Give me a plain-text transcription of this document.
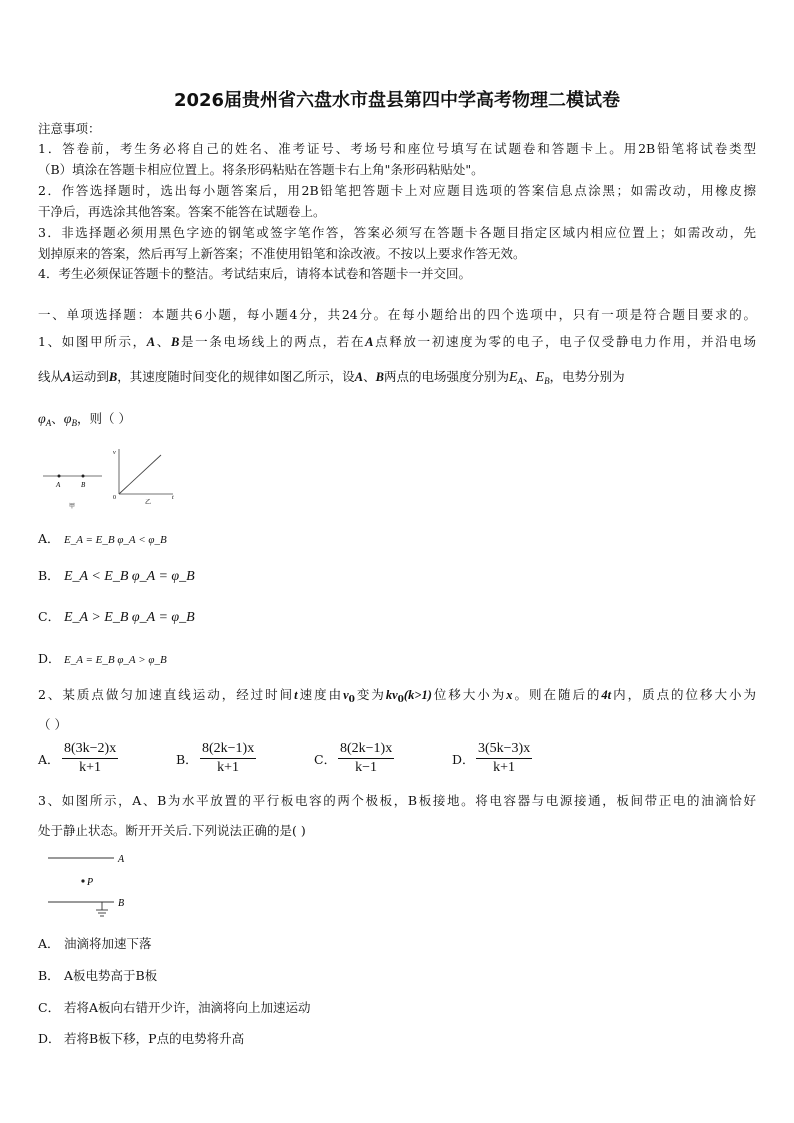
2026届贵州省六盘水市盘县第四中学高考物理二模试卷
注意事项：
1．答卷前，考生务必将自己的姓名、准考证号、考场号和座位号填写在试题卷和答题卡上。用2B铅笔将试卷类型
（B）填涂在答题卡相应位置上。将条形码粘贴在答题卡右上角"条形码粘贴处"。
2．作答选择题时，选出每小题答案后，用2B铅笔把答题卡上对应题目选项的答案信息点涂黑；如需改动，用橡皮擦
干净后，再选涂其他答案。答案不能答在试题卷上。
3．非选择题必须用黑色字迹的钢笔或签字笔作答，答案必须写在答题卡各题目指定区域内相应位置上；如需改动，先
划掉原来的答案，然后再写上新答案；不准使用铅笔和涂改液。不按以上要求作答无效。
4．考生必须保证答题卡的整洁。考试结束后，请将本试卷和答题卡一并交回。
一、单项选择题：本题共6小题，每小题4分，共24分。在每小题给出的四个选项中，只有一项是符合题目要求的。
1、如图甲所示，A、B是一条电场线上的两点，若在A点释放一初速度为零的电子，电子仅受静电力作用，并沿电场
线从A运动到B，其速度随时间变化的规律如图乙所示，设A、B两点的电场强度分别为$E_A$、$E_B$，电势分别为
$\varphi_A$、$\varphi_B$，则（ ）
A	B
甲
v
0	t
乙
A． E_A = E_B φ_A < φ_B
B． E_A < E_B φ_A = φ_B
C． E_A > E_B φ_A = φ_B
D． E_A = E_B φ_A > φ_B
2、某质点做匀加速直线运动，经过时间t速度由$v_0$变为$kv_0(k>1)$位移大小为x。则在随后的4t内，质点的位移大小为
（ ）
A． $\frac{8(3k-2)x}{k+1}$	B． $\frac{8(2k-1)x}{k+1}$	C． $\frac{8(2k-1)x}{k-1}$	D． $\frac{3(5k-3)x}{k+1}$
3、如图所示，A、B为水平放置的平行板电容的两个极板，B板接地。将电容器与电源接通，板间带正电的油滴恰好
处于静止状态。断开开关后.下列说法正确的是( )
A
P
B
A． 油滴将加速下落
B． A板电势高于B板
C． 若将A板向右错开少许，油滴将向上加速运动
D． 若将B板下移，P点的电势将升高
